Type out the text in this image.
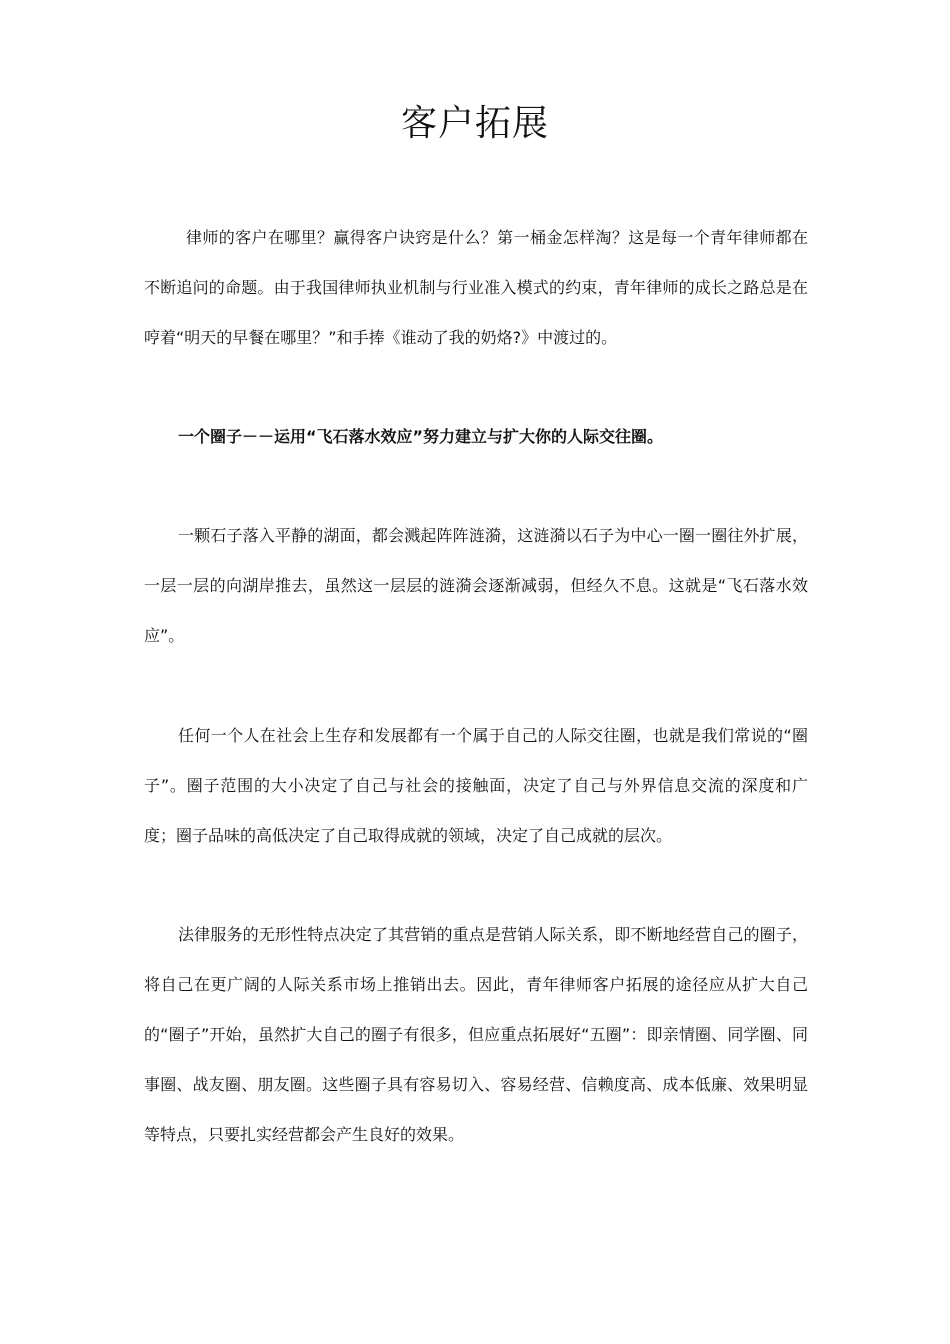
客户拓展

律师的客户在哪里？赢得客户诀窍是什么？第一桶金怎样淘？这是每一个青年律师都在不断追问的命题。由于我国律师执业机制与行业准入模式的约束，青年律师的成长之路总是在哼着“明天的早餐在哪里？”和手捧《谁动了我的奶烙?》中渡过的。

一个圈子－－运用“飞石落水效应”努力建立与扩大你的人际交往圈。

一颗石子落入平静的湖面，都会溅起阵阵涟漪，这涟漪以石子为中心一圈一圈往外扩展，一层一层的向湖岸推去，虽然这一层层的涟漪会逐渐减弱，但经久不息。这就是“飞石落水效应”。

任何一个人在社会上生存和发展都有一个属于自己的人际交往圈，也就是我们常说的“圈子”。圈子范围的大小决定了自己与社会的接触面，决定了自己与外界信息交流的深度和广度；圈子品味的高低决定了自己取得成就的领域，决定了自己成就的层次。

法律服务的无形性特点决定了其营销的重点是营销人际关系，即不断地经营自己的圈子，将自己在更广阔的人际关系市场上推销出去。因此，青年律师客户拓展的途径应从扩大自己的“圈子”开始，虽然扩大自己的圈子有很多，但应重点拓展好“五圈”：即亲情圈、同学圈、同事圈、战友圈、朋友圈。这些圈子具有容易切入、容易经营、信赖度高、成本低廉、效果明显等特点，只要扎实经营都会产生良好的效果。
